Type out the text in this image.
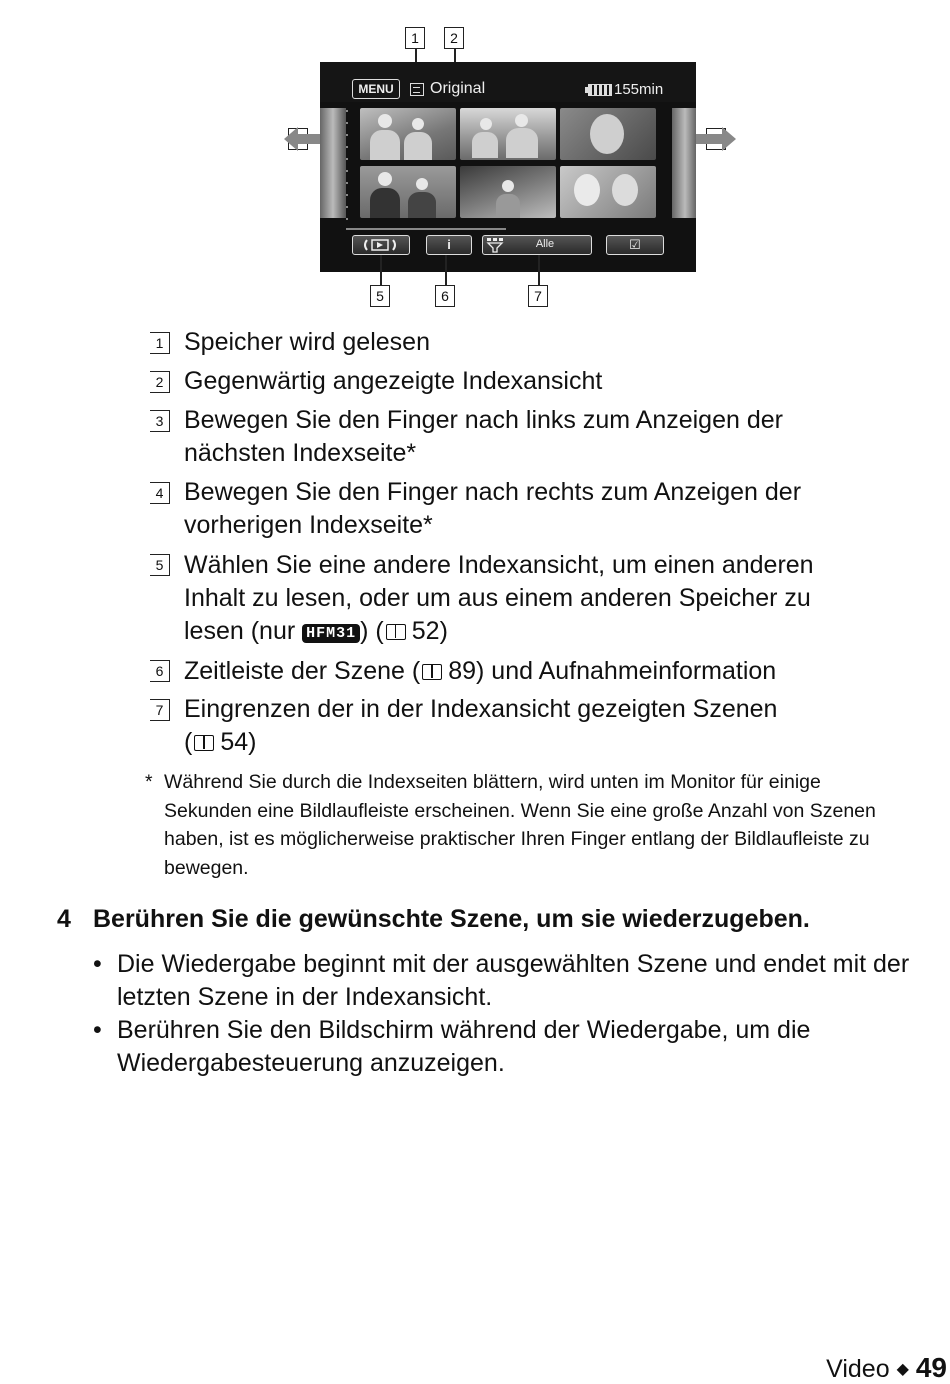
1	2
MENU	Original	155min
i	Alle	☑
5	6	7
1 Speicher wird gelesen
2 Gegenwärtig angezeigte Indexansicht
3 Bewegen Sie den Finger nach links zum Anzeigen der
nächsten Indexseite*
4 Bewegen Sie den Finger nach rechts zum Anzeigen der
vorherigen Indexseite*
5 Wählen Sie eine andere Indexansicht, um einen anderen
Inhalt zu lesen, oder um aus einem anderen Speicher zu
lesen (nur HFM31 ) ( 52)
6 Zeitleiste der Szene ( 89) und Aufnahmeinformation
7 Eingrenzen der in der Indexansicht gezeigten Szenen
( 54)
* Während Sie durch die Indexseiten blättern, wird unten im Monitor für einige Sekunden eine Bildlaufleiste erscheinen. Wenn Sie eine große Anzahl von Szenen haben, ist es möglicherweise praktischer Ihren Finger entlang der Bildlaufleiste zu bewegen.
4 Berühren Sie die gewünschte Szene, um sie wiederzugeben.
• Die Wiedergabe beginnt mit der ausgewählten Szene und endet mit der letzten Szene in der Indexansicht.
• Berühren Sie den Bildschirm während der Wiedergabe, um die Wiedergabesteuerung anzuzeigen.
Video ◆ 49
